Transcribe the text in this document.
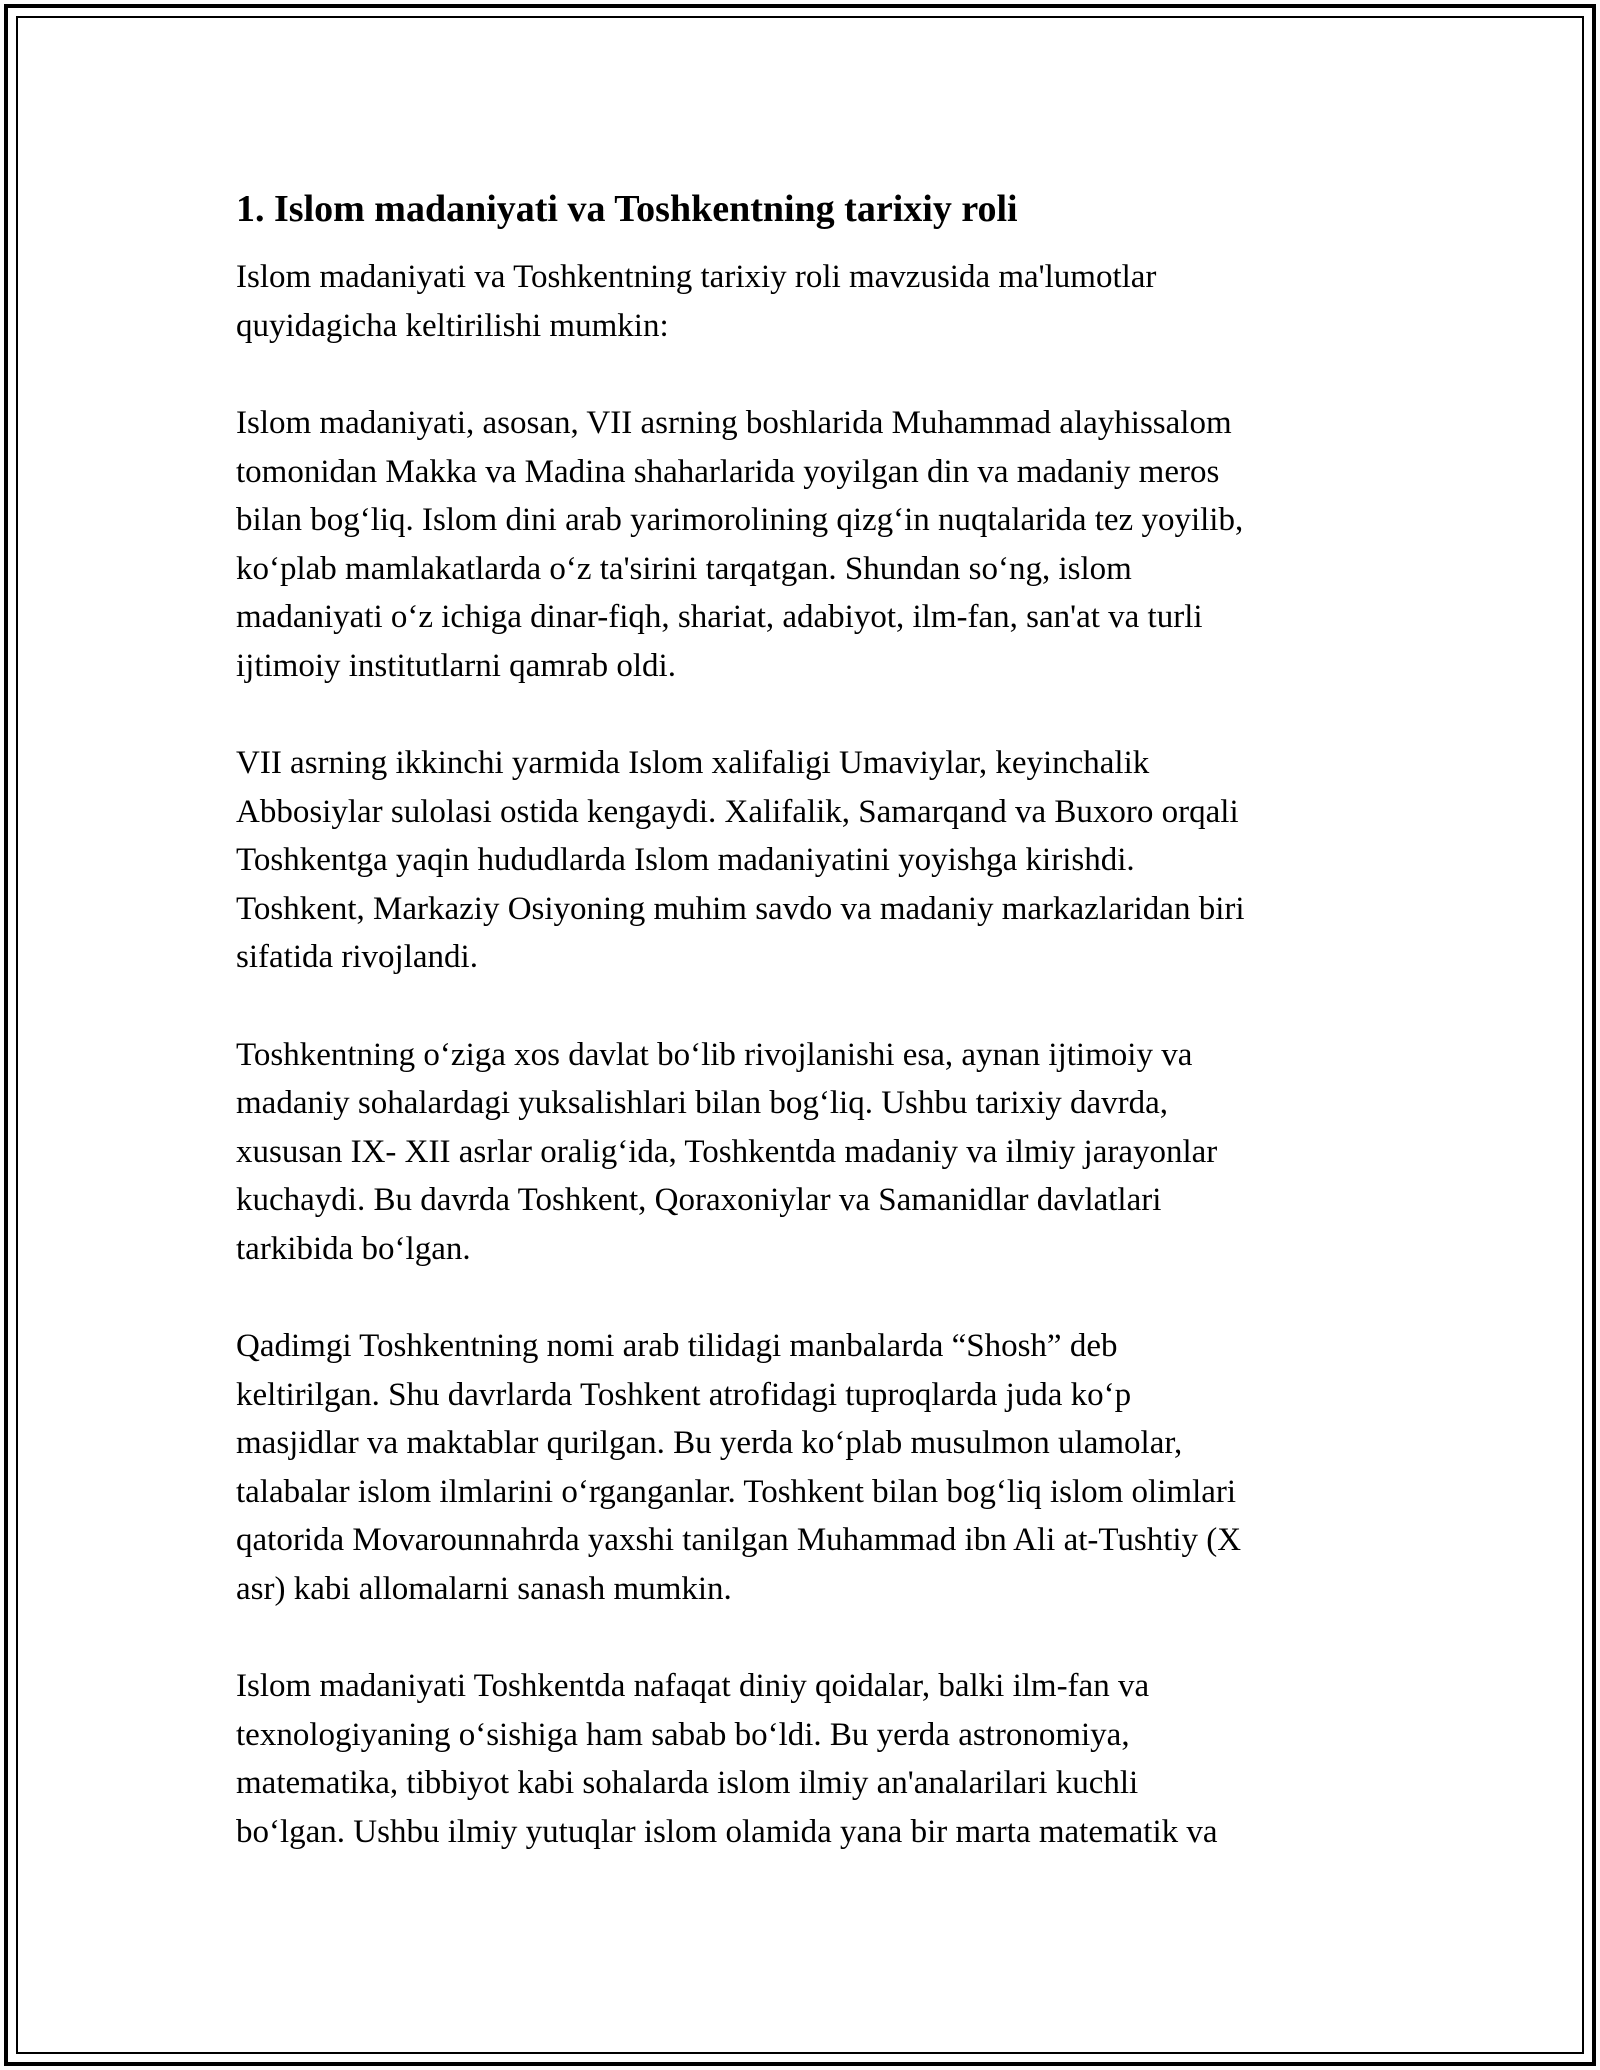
1. Islom madaniyati va Toshkentning tarixiy roli
Islom madaniyati va Toshkentning tarixiy roli mavzusida ma'lumotlar
quyidagicha keltirilishi mumkin:
Islom madaniyati, asosan, VII asrning boshlarida Muhammad alayhissalom
tomonidan Makka va Madina shaharlarida yoyilgan din va madaniy meros
bilan bog‘liq. Islom dini arab yarimorolining qizg‘in nuqtalarida tez yoyilib,
ko‘plab mamlakatlarda o‘z ta'sirini tarqatgan. Shundan so‘ng, islom
madaniyati o‘z ichiga dinar-fiqh, shariat, adabiyot, ilm-fan, san'at va turli
ijtimoiy institutlarni qamrab oldi.
VII asrning ikkinchi yarmida Islom xalifaligi Umaviylar, keyinchalik
Abbosiylar sulolasi ostida kengaydi. Xalifalik, Samarqand va Buxoro orqali
Toshkentga yaqin hududlarda Islom madaniyatini yoyishga kirishdi.
Toshkent, Markaziy Osiyoning muhim savdo va madaniy markazlaridan biri
sifatida rivojlandi.
Toshkentning o‘ziga xos davlat bo‘lib rivojlanishi esa, aynan ijtimoiy va
madaniy sohalardagi yuksalishlari bilan bog‘liq. Ushbu tarixiy davrda,
xususan IX- XII asrlar oralig‘ida, Toshkentda madaniy va ilmiy jarayonlar
kuchaydi. Bu davrda Toshkent, Qoraxoniylar va Samanidlar davlatlari
tarkibida bo‘lgan.
Qadimgi Toshkentning nomi arab tilidagi manbalarda “Shosh” deb
keltirilgan. Shu davrlarda Toshkent atrofidagi tuproqlarda juda ko‘p
masjidlar va maktablar qurilgan. Bu yerda ko‘plab musulmon ulamolar,
talabalar islom ilmlarini o‘rganganlar. Toshkent bilan bog‘liq islom olimlari
qatorida Movarounnahrda yaxshi tanilgan Muhammad ibn Ali at-Tushtiy (X
asr) kabi allomalarni sanash mumkin.
Islom madaniyati Toshkentda nafaqat diniy qoidalar, balki ilm-fan va
texnologiyaning o‘sishiga ham sabab bo‘ldi. Bu yerda astronomiya,
matematika, tibbiyot kabi sohalarda islom ilmiy an'analarilari kuchli
bo‘lgan. Ushbu ilmiy yutuqlar islom olamida yana bir marta matematik va
